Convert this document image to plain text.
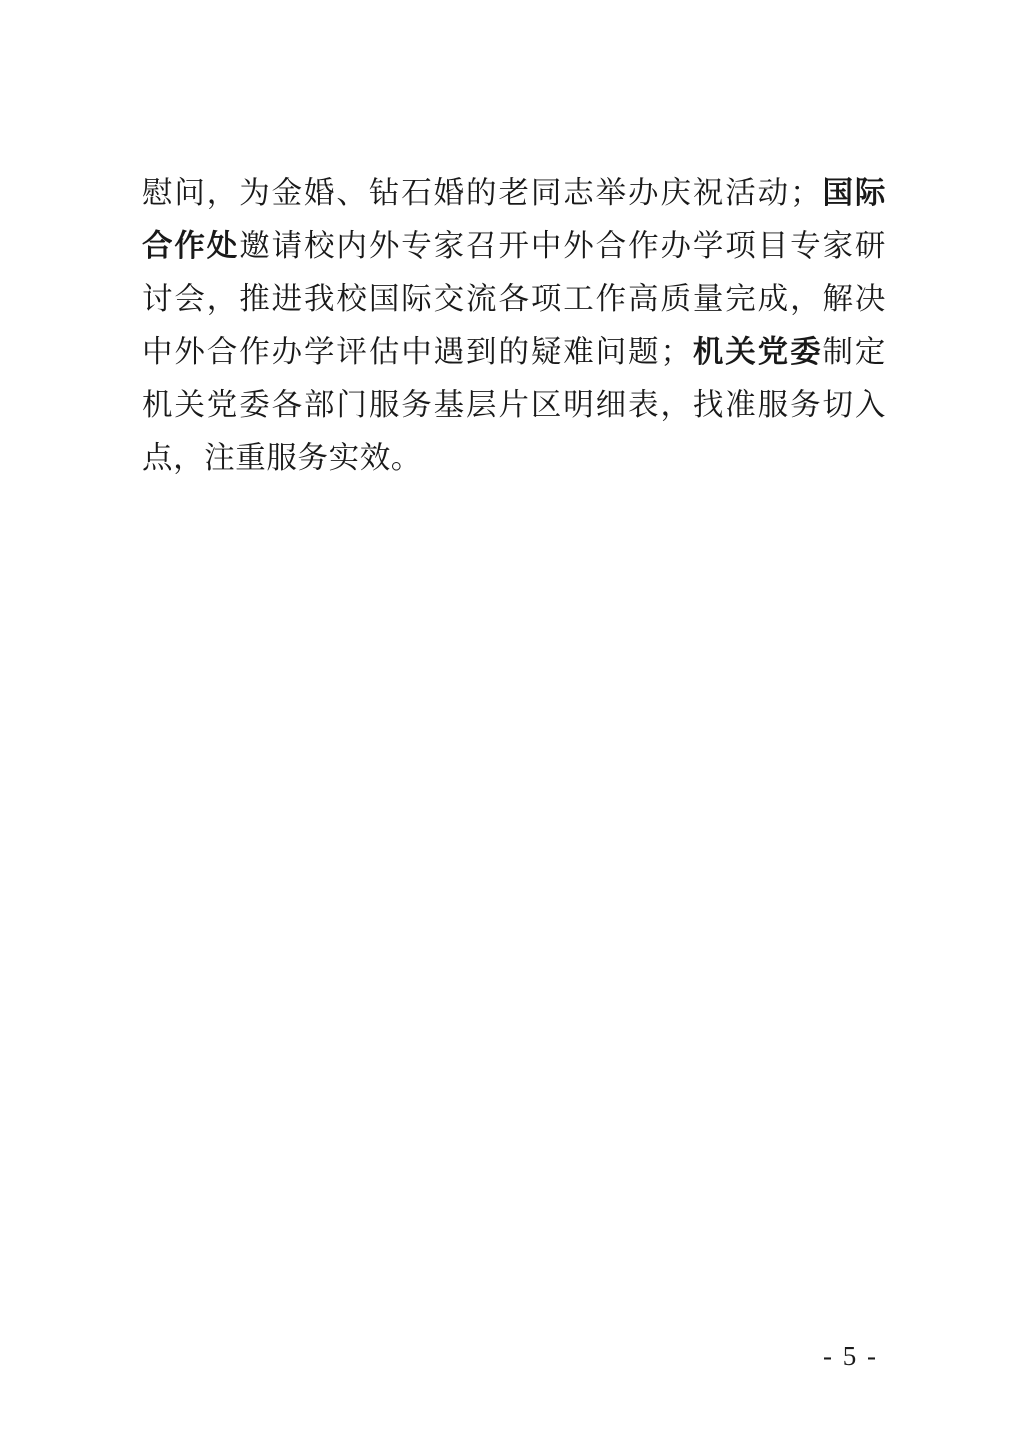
慰问，为金婚、钻石婚的老同志举办庆祝活动；国际合作处邀请校内外专家召开中外合作办学项目专家研讨会，推进我校国际交流各项工作高质量完成，解决中外合作办学评估中遇到的疑难问题；机关党委制定机关党委各部门服务基层片区明细表，找准服务切入点，注重服务实效。

- 5 -
